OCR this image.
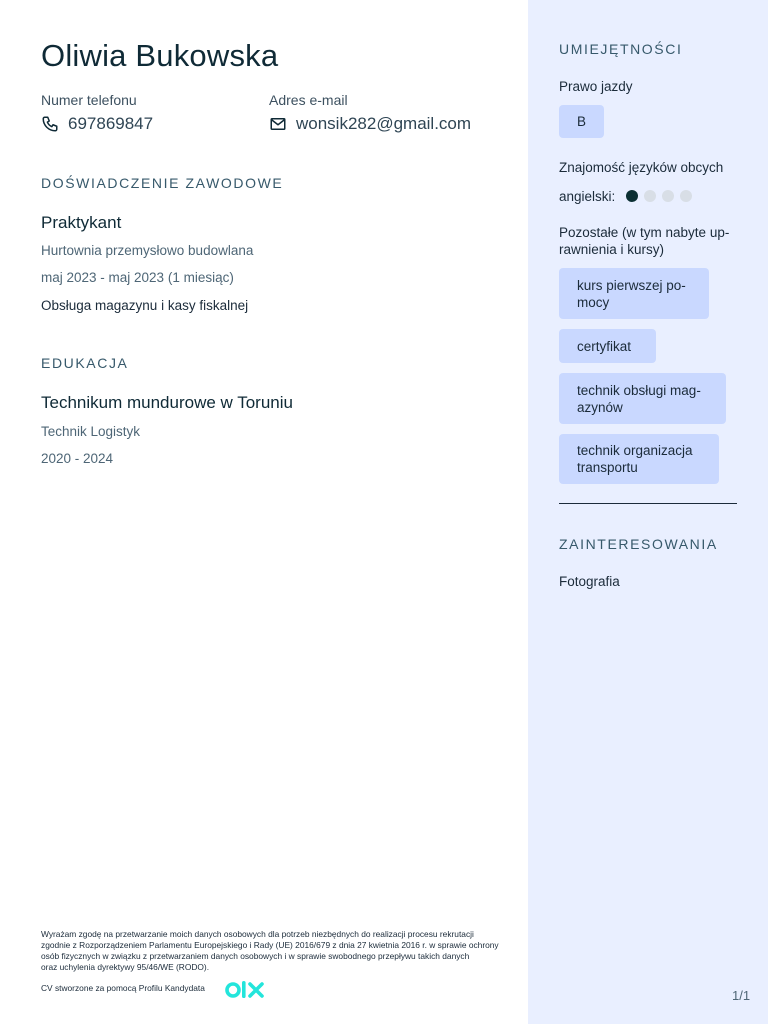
Oliwia Bukowska
Numer telefonu
697869847
Adres e-mail
wonsik282@gmail.com
DOŚWIADCZENIE ZAWODOWE
Praktykant
Hurtownia przemysłowo budowlana
maj 2023 - maj 2023 (1 miesiąc)
Obsługa magazynu i kasy fiskalnej
EDUKACJA
Technikum mundurowe w Toruniu
Technik Logistyk
2020 - 2024
UMIEJĘTNOŚCI
Prawo jazdy
B
Znajomość języków obcych
angielski:
Pozostałe (w tym nabyte up-
rawnienia i kursy)
kurs pierwszej po-
mocy
certyfikat
technik obsługi mag-
azynów
technik organizacja
transportu
ZAINTERESOWANIA
Fotografia
Wyrażam zgodę na przetwarzanie moich danych osobowych dla potrzeb niezbędnych do realizacji procesu rekrutacji
zgodnie z Rozporządzeniem Parlamentu Europejskiego i Rady (UE) 2016/679 z dnia 27 kwietnia 2016 r. w sprawie ochrony
osób fizycznych w związku z przetwarzaniem danych osobowych i w sprawie swobodnego przepływu takich danych
oraz uchylenia dyrektywy 95/46/WE (RODO).
CV stworzone za pomocą Profilu Kandydata	1/1
